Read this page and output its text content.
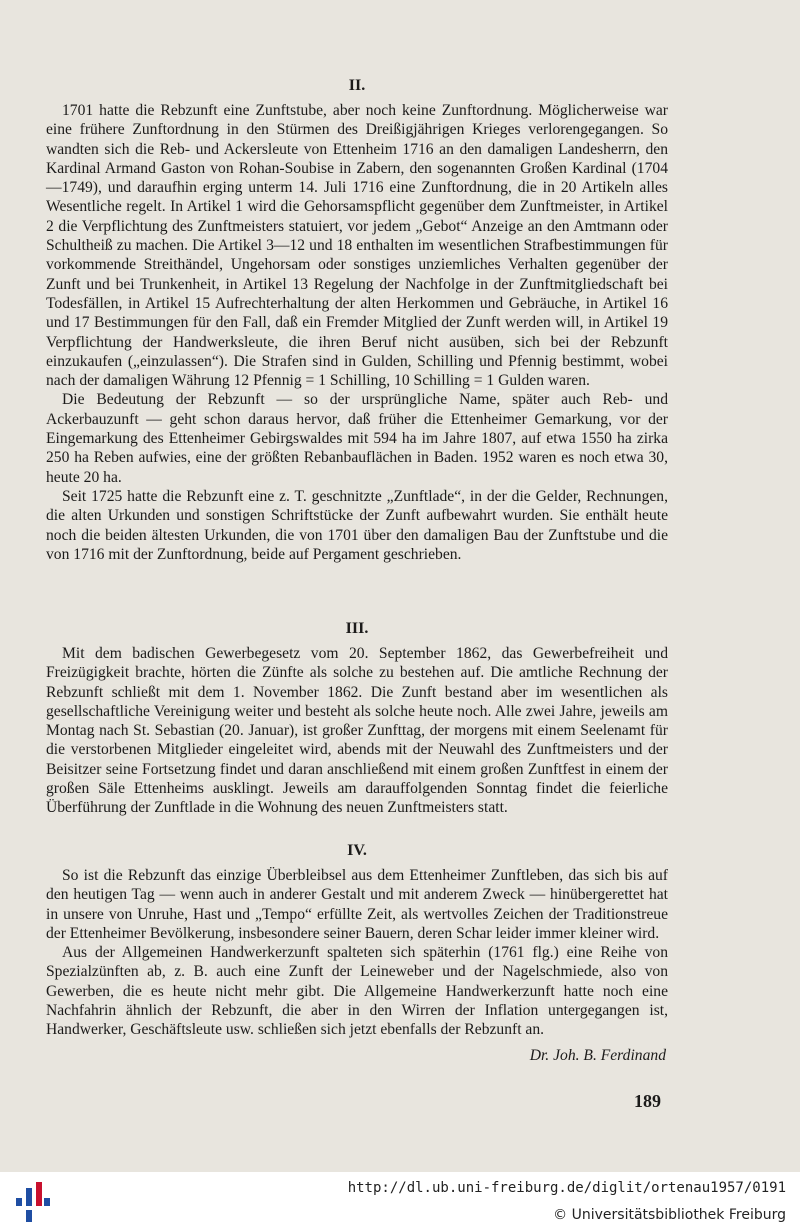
II.

1701 hatte die Rebzunft eine Zunftstube, aber noch keine Zunftordnung. Möglicherweise war eine frühere Zunftordnung in den Stürmen des Dreißigjährigen Krieges verlorengegangen. So wandten sich die Reb- und Ackersleute von Ettenheim 1716 an den damaligen Landesherrn, den Kardinal Armand Gaston von Rohan-Soubise in Zabern, den sogenannten Großen Kardinal (1704—1749), und daraufhin erging unterm 14. Juli 1716 eine Zunftordnung, die in 20 Artikeln alles Wesentliche regelt. In Artikel 1 wird die Gehorsamspflicht gegenüber dem Zunftmeister, in Artikel 2 die Verpflichtung des Zunftmeisters statuiert, vor jedem „Gebot“ Anzeige an den Amtmann oder Schultheiß zu machen. Die Artikel 3—12 und 18 enthalten im wesentlichen Strafbestimmungen für vorkommende Streithändel, Ungehorsam oder sonstiges unziemliches Verhalten gegenüber der Zunft und bei Trunkenheit, in Artikel 13 Regelung der Nachfolge in der Zunftmitgliedschaft bei Todesfällen, in Artikel 15 Aufrechterhaltung der alten Herkommen und Gebräuche, in Artikel 16 und 17 Bestimmungen für den Fall, daß ein Fremder Mitglied der Zunft werden will, in Artikel 19 Verpflichtung der Handwerksleute, die ihren Beruf nicht ausüben, sich bei der Rebzunft einzukaufen („einzulassen“). Die Strafen sind in Gulden, Schilling und Pfennig bestimmt, wobei nach der damaligen Währung 12 Pfennig = 1 Schilling, 10 Schilling = 1 Gulden waren.

Die Bedeutung der Rebzunft — so der ursprüngliche Name, später auch Reb- und Ackerbauzunft — geht schon daraus hervor, daß früher die Ettenheimer Gemarkung, vor der Eingemarkung des Ettenheimer Gebirgswaldes mit 594 ha im Jahre 1807, auf etwa 1550 ha zirka 250 ha Reben aufwies, eine der größten Rebanbauflächen in Baden. 1952 waren es noch etwa 30, heute 20 ha.

Seit 1725 hatte die Rebzunft eine z. T. geschnitzte „Zunftlade“, in der die Gelder, Rechnungen, die alten Urkunden und sonstigen Schriftstücke der Zunft aufbewahrt wurden. Sie enthält heute noch die beiden ältesten Urkunden, die von 1701 über den damaligen Bau der Zunftstube und die von 1716 mit der Zunftordnung, beide auf Pergament geschrieben.

III.

Mit dem badischen Gewerbegesetz vom 20. September 1862, das Gewerbefreiheit und Freizügigkeit brachte, hörten die Zünfte als solche zu bestehen auf. Die amtliche Rechnung der Rebzunft schließt mit dem 1. November 1862. Die Zunft bestand aber im wesentlichen als gesellschaftliche Vereinigung weiter und besteht als solche heute noch. Alle zwei Jahre, jeweils am Montag nach St. Sebastian (20. Januar), ist großer Zunfttag, der morgens mit einem Seelenamt für die verstorbenen Mitglieder eingeleitet wird, abends mit der Neuwahl des Zunftmeisters und der Beisitzer seine Fortsetzung findet und daran anschließend mit einem großen Zunftfest in einem der großen Säle Ettenheims ausklingt. Jeweils am darauffolgenden Sonntag findet die feierliche Überführung der Zunftlade in die Wohnung des neuen Zunftmeisters statt.

IV.

So ist die Rebzunft das einzige Überbleibsel aus dem Ettenheimer Zunftleben, das sich bis auf den heutigen Tag — wenn auch in anderer Gestalt und mit anderem Zweck — hinübergerettet hat in unsere von Unruhe, Hast und „Tempo“ erfüllte Zeit, als wertvolles Zeichen der Traditionstreue der Ettenheimer Bevölkerung, insbesondere seiner Bauern, deren Schar leider immer kleiner wird.

Aus der Allgemeinen Handwerkerzunft spalteten sich späterhin (1761 flg.) eine Reihe von Spezialzünften ab, z. B. auch eine Zunft der Leineweber und der Nagelschmiede, also von Gewerben, die es heute nicht mehr gibt. Die Allgemeine Handwerkerzunft hatte noch eine Nachfahrin ähnlich der Rebzunft, die aber in den Wirren der Inflation untergegangen ist, Handwerker, Geschäftsleute usw. schließen sich jetzt ebenfalls der Rebzunft an.

Dr. Joh. B. Ferdinand
189
http://dl.ub.uni-freiburg.de/diglit/ortenau1957/0191
© Universitätsbibliothek Freiburg
